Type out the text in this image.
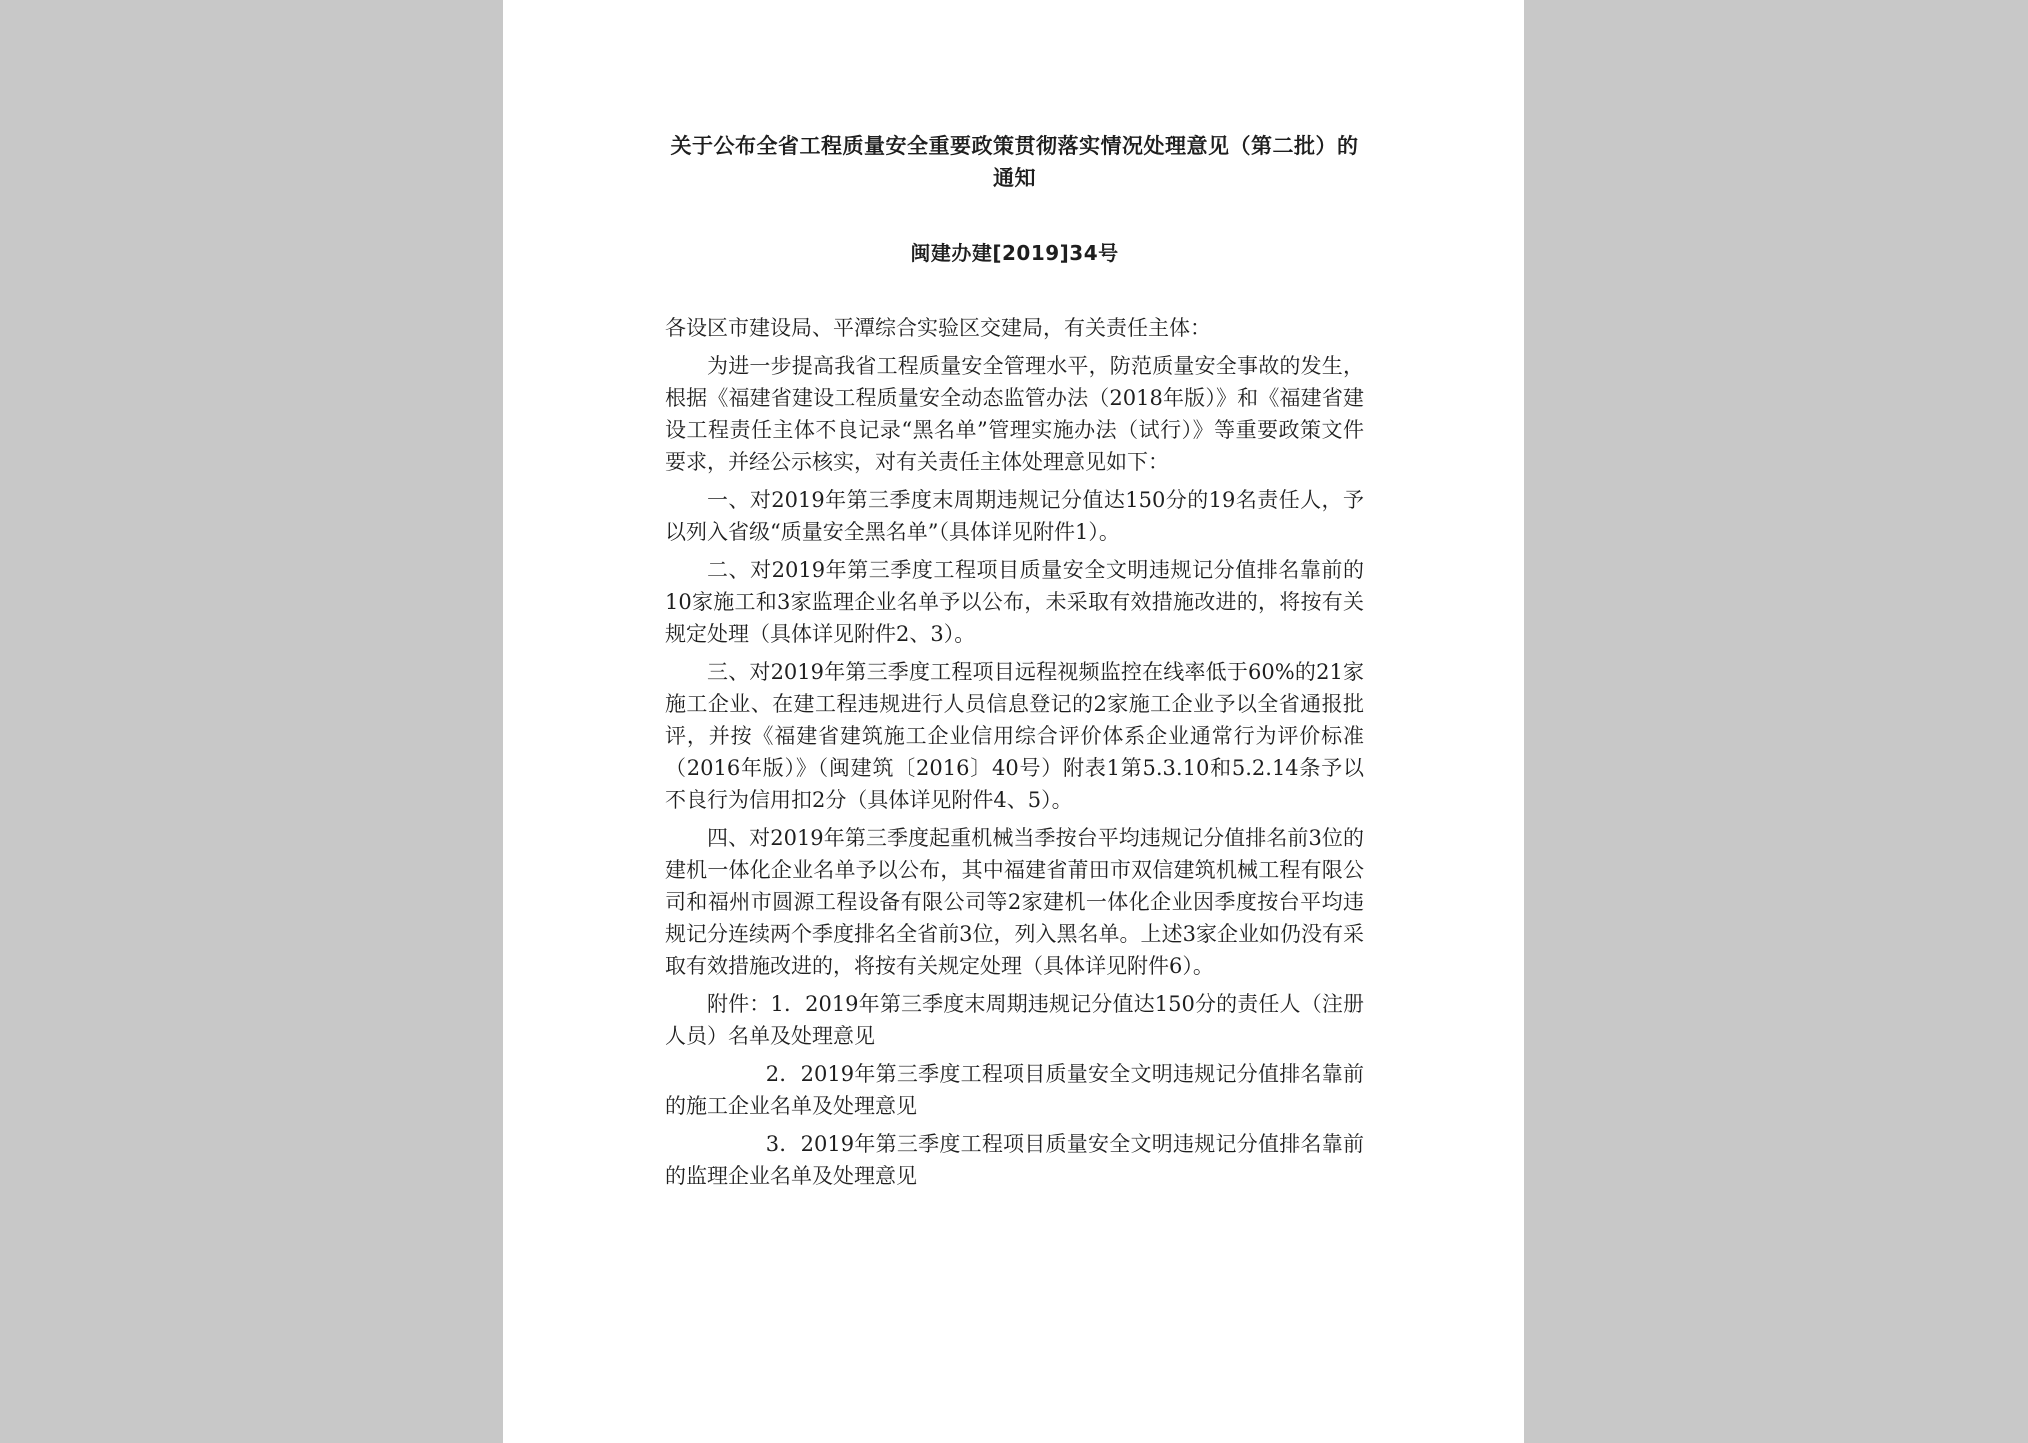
关于公布全省工程质量安全重要政策贯彻落实情况处理意见（第二批）的通知

闽建办建[2019]34号

各设区市建设局、平潭综合实验区交建局，有关责任主体：

为进一步提高我省工程质量安全管理水平，防范质量安全事故的发生，根据《福建省建设工程质量安全动态监管办法（2018年版）》和《福建省建设工程责任主体不良记录“黑名单”管理实施办法（试行）》等重要政策文件要求，并经公示核实，对有关责任主体处理意见如下：

一、对2019年第三季度末周期违规记分值达150分的19名责任人，予以列入省级“质量安全黑名单”（具体详见附件1）。

二、对2019年第三季度工程项目质量安全文明违规记分值排名靠前的10家施工和3家监理企业名单予以公布，未采取有效措施改进的，将按有关规定处理（具体详见附件2、3）。

三、对2019年第三季度工程项目远程视频监控在线率低于60%的21家施工企业、在建工程违规进行人员信息登记的2家施工企业予以全省通报批评，并按《福建省建筑施工企业信用综合评价体系企业通常行为评价标准（2016年版）》（闽建筑〔2016〕40号）附表1第5.3.10和5.2.14条予以不良行为信用扣2分（具体详见附件4、5）。

四、对2019年第三季度起重机械当季按台平均违规记分值排名前3位的建机一体化企业名单予以公布，其中福建省莆田市双信建筑机械工程有限公司和福州市圆源工程设备有限公司等2家建机一体化企业因季度按台平均违规记分连续两个季度排名全省前3位，列入黑名单。上述3家企业如仍没有采取有效措施改进的，将按有关规定处理（具体详见附件6）。

附件：1．2019年第三季度末周期违规记分值达150分的责任人（注册人员）名单及处理意见

2．2019年第三季度工程项目质量安全文明违规记分值排名靠前的施工企业名单及处理意见

3．2019年第三季度工程项目质量安全文明违规记分值排名靠前的监理企业名单及处理意见
